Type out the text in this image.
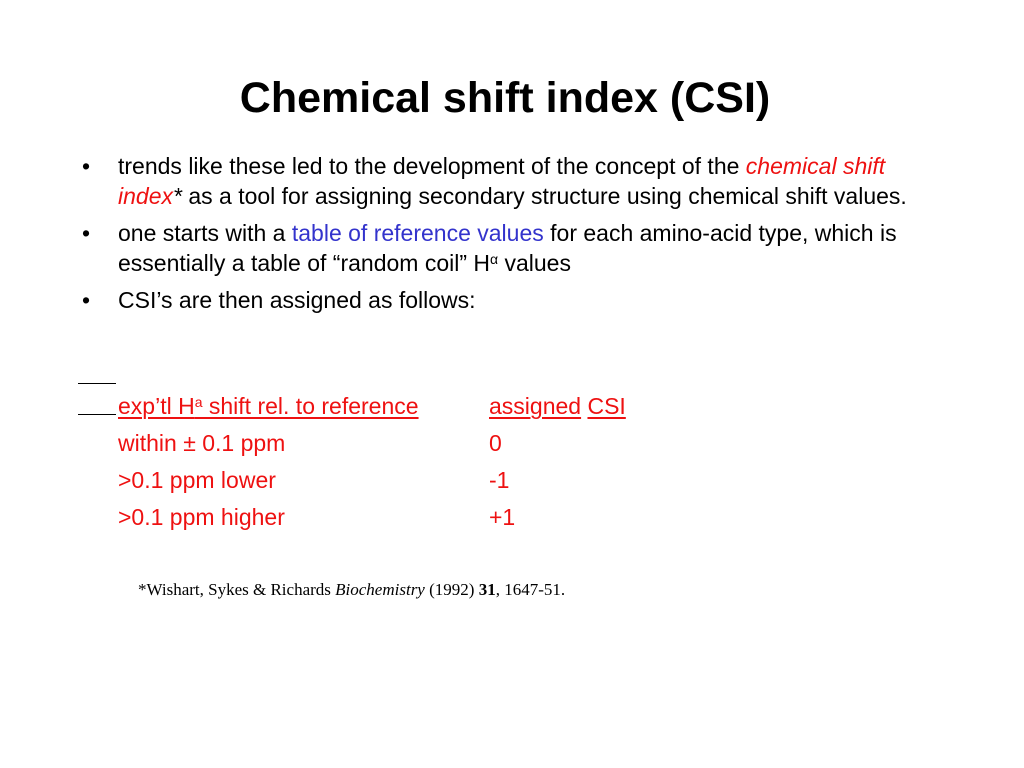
Chemical shift index (CSI)
• trends like these led to the development of the concept of the chemical shift index* as a tool for assigning secondary structure using chemical shift values.
• one starts with a table of reference values for each amino-acid type, which is essentially a table of “random coil” $H^\alpha$ values
• CSI’s are then assigned as follows:
exp’tl $H^a$ shift rel. to reference	assigned CSI
within ± 0.1 ppm	0
>0.1 ppm lower	-1
>0.1 ppm higher	+1
*Wishart, Sykes & Richards Biochemistry (1992) 31, 1647-51.
